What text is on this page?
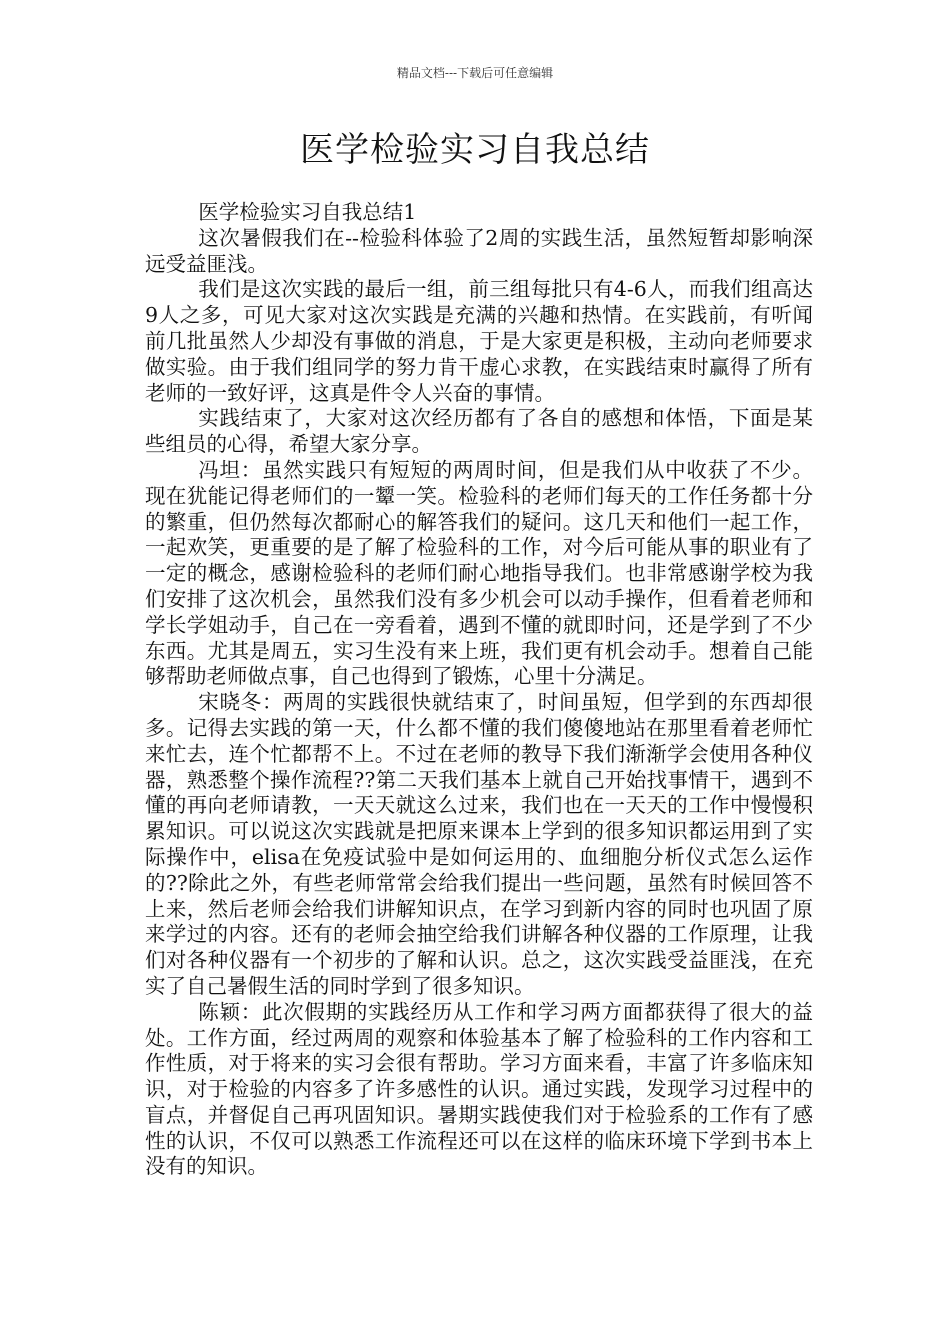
精品文档---下载后可任意编辑
医学检验实习自我总结

医学检验实习自我总结1

这次暑假我们在--检验科体验了2周的实践生活，虽然短暂却影响深远受益匪浅。

我们是这次实践的最后一组，前三组每批只有4-6人，而我们组高达9人之多，可见大家对这次实践是充满的兴趣和热情。在实践前，有听闻前几批虽然人少却没有事做的消息，于是大家更是积极，主动向老师要求做实验。由于我们组同学的努力肯干虚心求教，在实践结束时赢得了所有老师的一致好评，这真是件令人兴奋的事情。

实践结束了，大家对这次经历都有了各自的感想和体悟，下面是某些组员的心得，希望大家分享。

冯坦：虽然实践只有短短的两周时间，但是我们从中收获了不少。现在犹能记得老师们的一颦一笑。检验科的老师们每天的工作任务都十分的繁重，但仍然每次都耐心的解答我们的疑问。这几天和他们一起工作，一起欢笑，更重要的是了解了检验科的工作，对今后可能从事的职业有了一定的概念，感谢检验科的老师们耐心地指导我们。也非常感谢学校为我们安排了这次机会，虽然我们没有多少机会可以动手操作，但看着老师和学长学姐动手，自己在一旁看着，遇到不懂的就即时问，还是学到了不少东西。尤其是周五，实习生没有来上班，我们更有机会动手。想着自己能够帮助老师做点事，自己也得到了锻炼，心里十分满足。

宋晓冬：两周的实践很快就结束了，时间虽短，但学到的东西却很多。记得去实践的第一天，什么都不懂的我们傻傻地站在那里看着老师忙来忙去，连个忙都帮不上。不过在老师的教导下我们渐渐学会使用各种仪器，熟悉整个操作流程??第二天我们基本上就自己开始找事情干，遇到不懂的再向老师请教，一天天就这么过来，我们也在一天天的工作中慢慢积累知识。可以说这次实践就是把原来课本上学到的很多知识都运用到了实际操作中，elisa在免疫试验中是如何运用的、血细胞分析仪式怎么运作的??除此之外，有些老师常常会给我们提出一些问题，虽然有时候回答不上来，然后老师会给我们讲解知识点，在学习到新内容的同时也巩固了原来学过的内容。还有的老师会抽空给我们讲解各种仪器的工作原理，让我们对各种仪器有一个初步的了解和认识。总之，这次实践受益匪浅，在充实了自己暑假生活的同时学到了很多知识。

陈颖：此次假期的实践经历从工作和学习两方面都获得了很大的益处。工作方面，经过两周的观察和体验基本了解了检验科的工作内容和工作性质，对于将来的实习会很有帮助。学习方面来看，丰富了许多临床知识，对于检验的内容多了许多感性的认识。通过实践，发现学习过程中的盲点，并督促自己再巩固知识。暑期实践使我们对于检验系的工作有了感性的认识，不仅可以熟悉工作流程还可以在这样的临床环境下学到书本上没有的知识。
